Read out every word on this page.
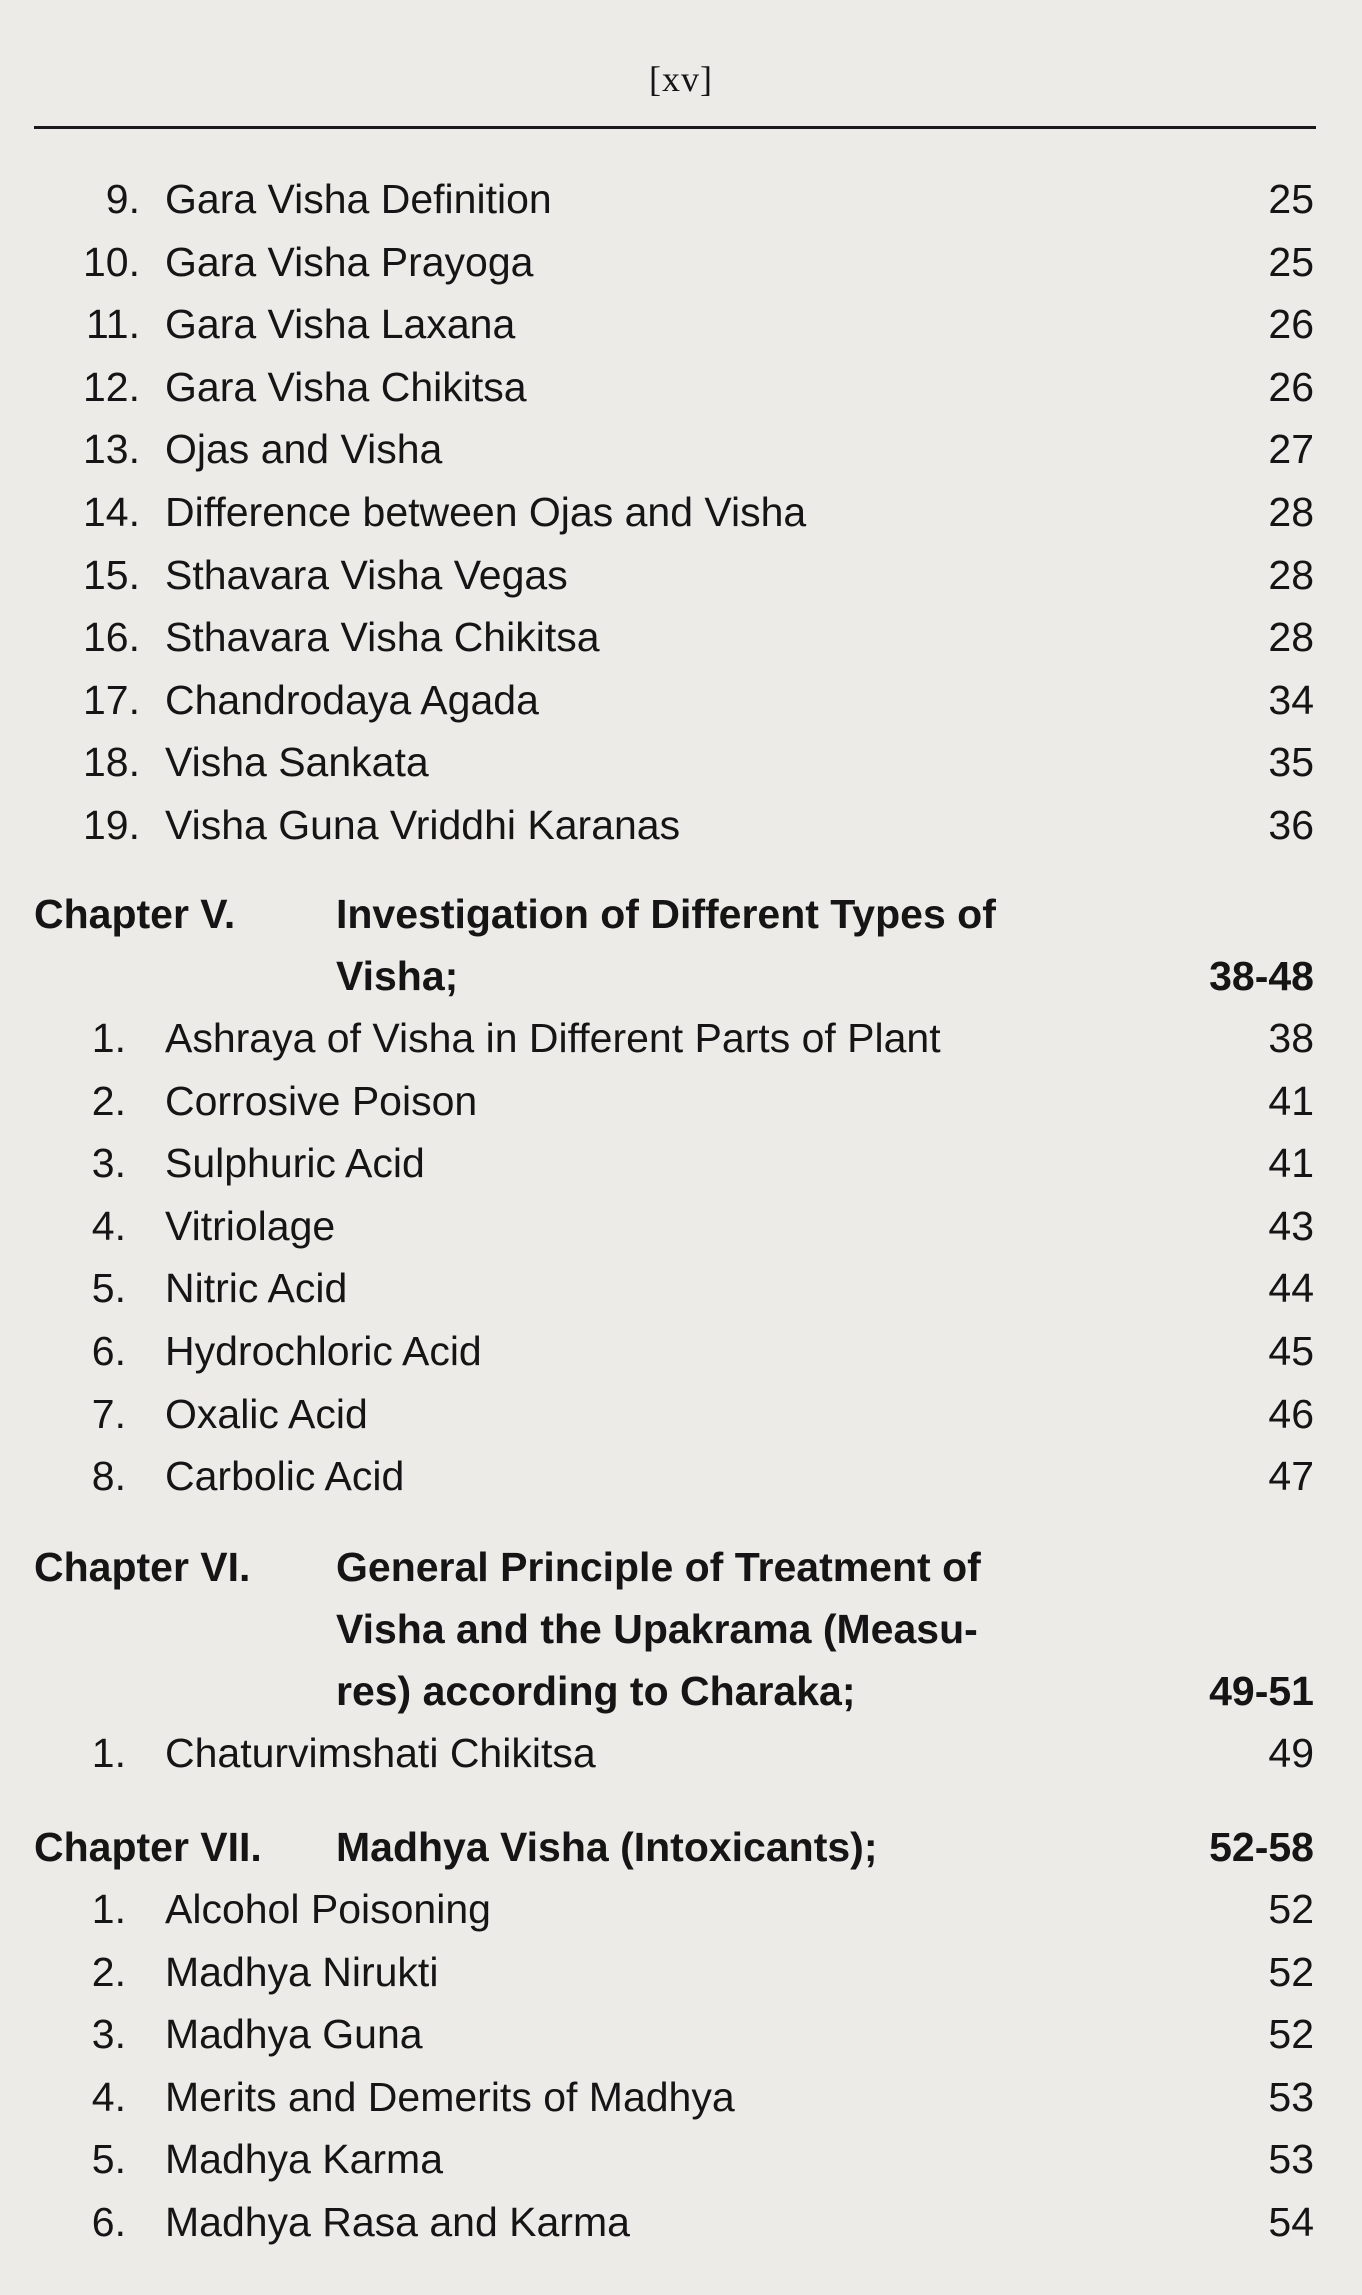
[xv]
9. Gara Visha Definition	25
10. Gara Visha Prayoga	25
11. Gara Visha Laxana	26
12. Gara Visha Chikitsa	26
13. Ojas and Visha	27
14. Difference between Ojas and Visha	28
15. Sthavara Visha Vegas	28
16. Sthavara Visha Chikitsa	28
17. Chandrodaya Agada	34
18. Visha Sankata	35
19. Visha Guna Vriddhi Karanas	36
Chapter V. Investigation of Different Types of
Visha;	38-48
1. Ashraya of Visha in Different Parts of Plant	38
2. Corrosive Poison	41
3. Sulphuric Acid	41
4. Vitriolage	43
5. Nitric Acid	44
6. Hydrochloric Acid	45
7. Oxalic Acid	46
8. Carbolic Acid	47
Chapter VI. General Principle of Treatment of
Visha and the Upakrama (Measu-
res) according to Charaka;	49-51
1. Chaturvimshati Chikitsa	49
Chapter VII. Madhya Visha (Intoxicants);	52-58
1. Alcohol Poisoning	52
2. Madhya Nirukti	52
3. Madhya Guna	52
4. Merits and Demerits of Madhya	53
5. Madhya Karma	53
6. Madhya Rasa and Karma	54
